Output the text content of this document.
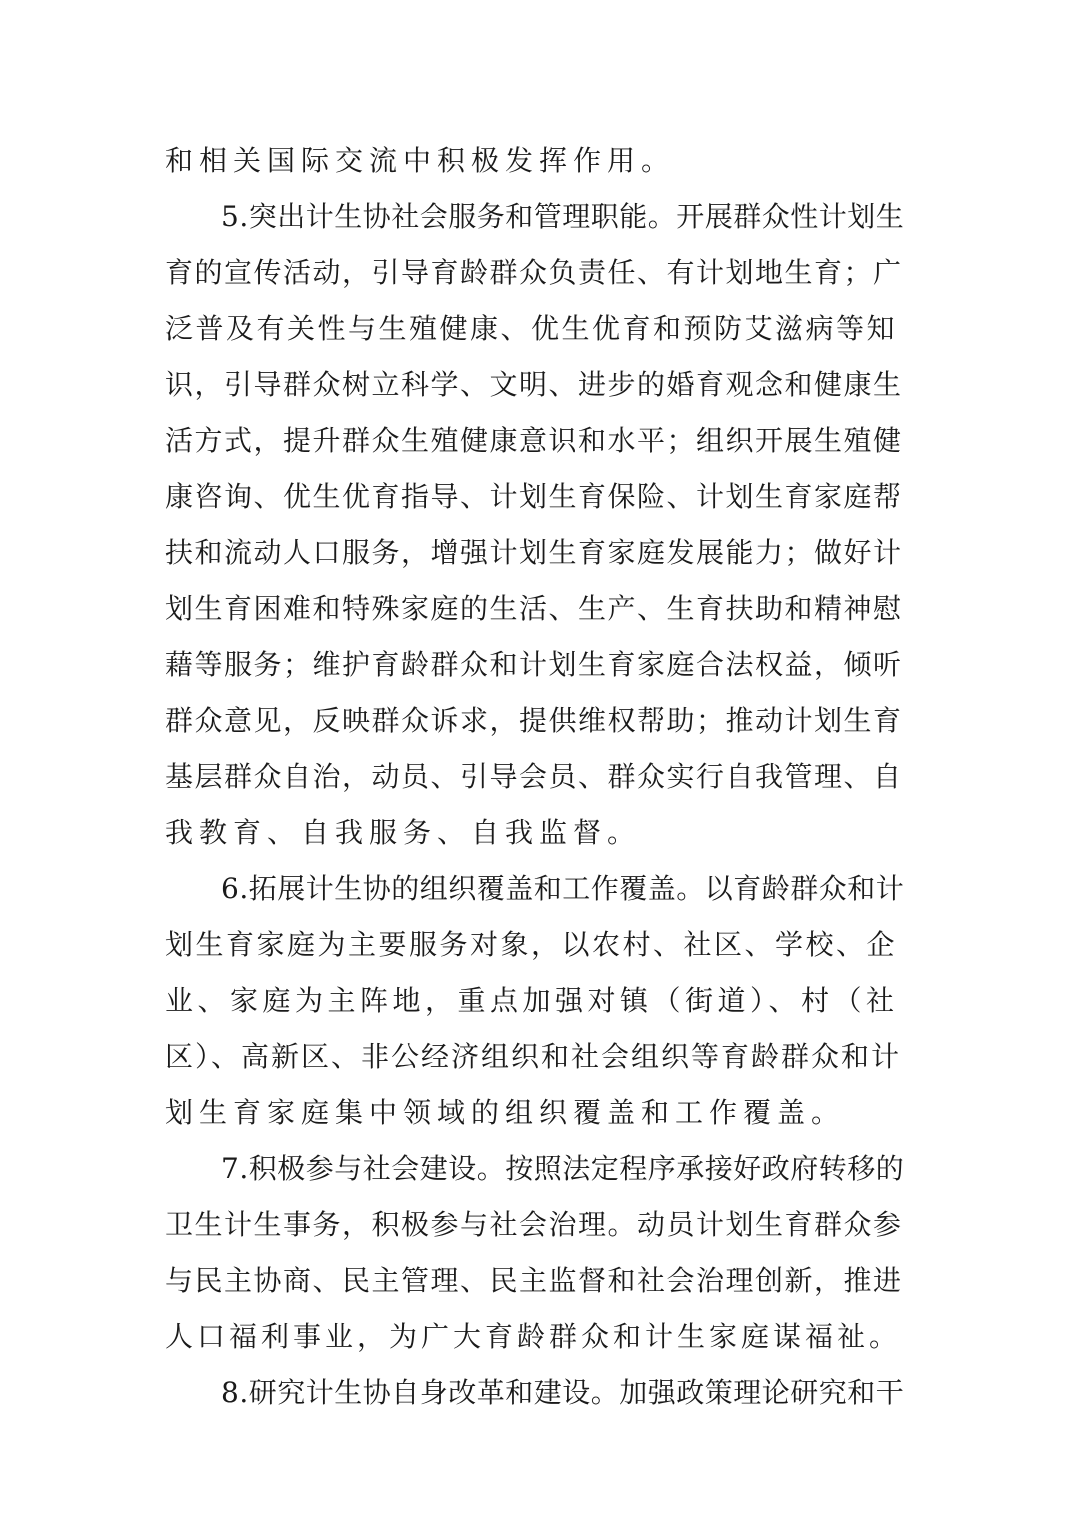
和相关国际交流中积极发挥作用。
5.突出计生协社会服务和管理职能。开展群众性计划生
育的宣传活动，引导育龄群众负责任、有计划地生育；广
泛普及有关性与生殖健康、优生优育和预防艾滋病等知
识，引导群众树立科学、文明、进步的婚育观念和健康生
活方式，提升群众生殖健康意识和水平；组织开展生殖健
康咨询、优生优育指导、计划生育保险、计划生育家庭帮
扶和流动人口服务，增强计划生育家庭发展能力；做好计
划生育困难和特殊家庭的生活、生产、生育扶助和精神慰
藉等服务；维护育龄群众和计划生育家庭合法权益，倾听
群众意见，反映群众诉求，提供维权帮助；推动计划生育
基层群众自治，动员、引导会员、群众实行自我管理、自
我教育、自我服务、自我监督。
6.拓展计生协的组织覆盖和工作覆盖。以育龄群众和计
划生育家庭为主要服务对象，以农村、社区、学校、企
业、家庭为主阵地，重点加强对镇（街道）、村（社
区）、高新区、非公经济组织和社会组织等育龄群众和计
划生育家庭集中领域的组织覆盖和工作覆盖。
7.积极参与社会建设。按照法定程序承接好政府转移的
卫生计生事务，积极参与社会治理。动员计划生育群众参
与民主协商、民主管理、民主监督和社会治理创新，推进
人口福利事业，为广大育龄群众和计生家庭谋福祉。
8.研究计生协自身改革和建设。加强政策理论研究和干
